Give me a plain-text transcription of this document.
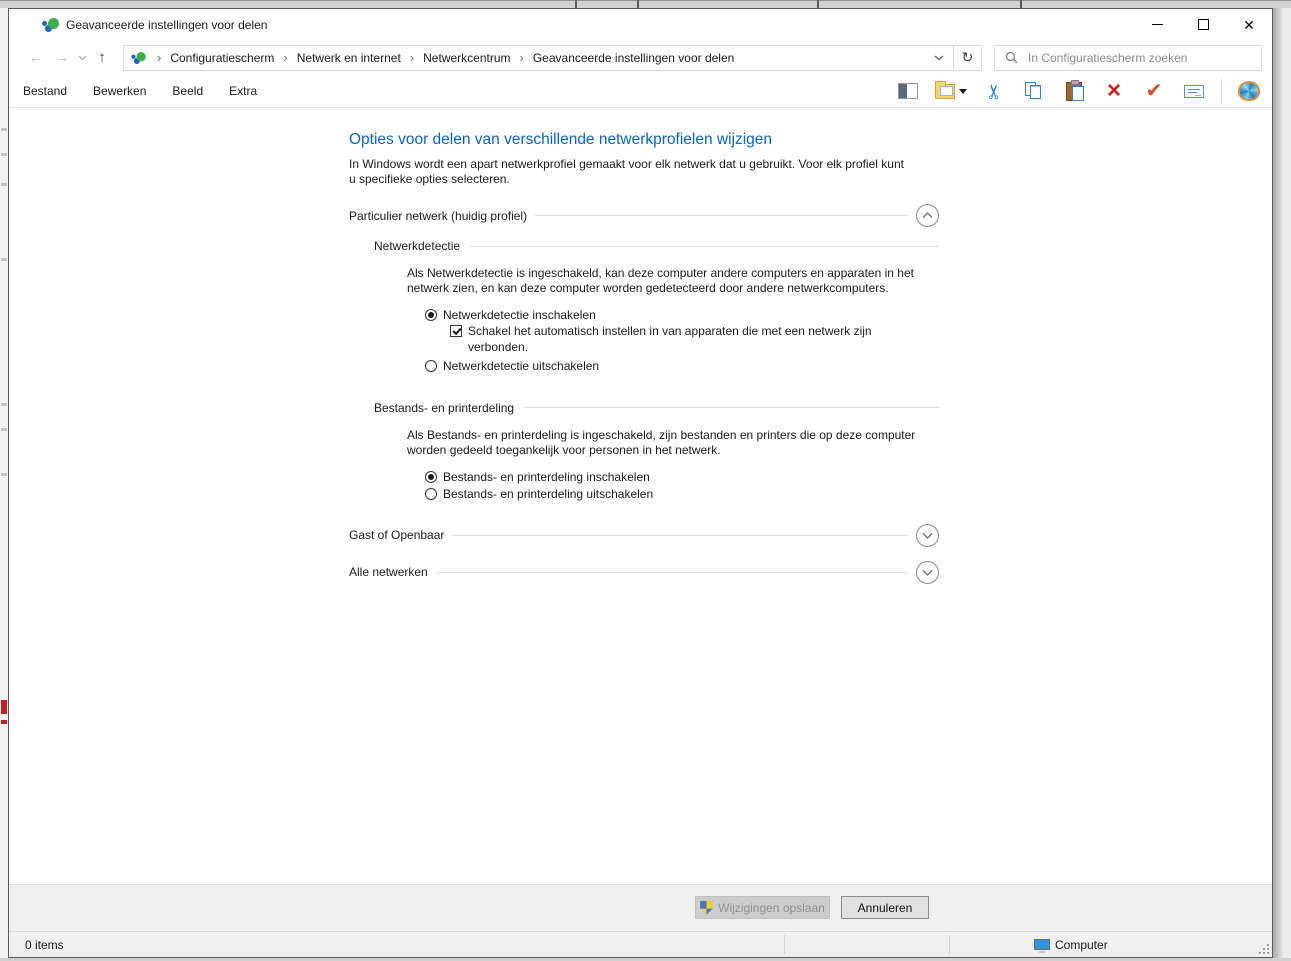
Geavanceerde instellingen voor delen	✕
← →	↑	› Configuratiescherm › Netwerk en internet › Netwerkcentrum › Geavanceerde instellingen voor delen	↻
In Configuratiescherm zoeken
Bestand Bewerken Beeld Extra	✂	× ✔
Opties voor delen van verschillende netwerkprofielen wijzigen

In Windows wordt een apart netwerkprofiel gemaakt voor elk netwerk dat u gebruikt. Voor elk profiel kunt u specifieke opties selecteren.

Particulier netwerk (huidig profiel)
Netwerkdetectie

Als Netwerkdetectie is ingeschakeld, kan deze computer andere computers en apparaten in het netwerk zien, en kan deze computer worden gedetecteerd door andere netwerkcomputers.

Netwerkdetectie inschakelen
Schakel het automatisch instellen in van apparaten die met een netwerk zijn verbonden.
Netwerkdetectie uitschakelen
Bestands- en printerdeling

Als Bestands- en printerdeling is ingeschakeld, zijn bestanden en printers die op deze computer worden gedeeld toegankelijk voor personen in het netwerk.

Bestands- en printerdeling inschakelen
Bestands- en printerdeling uitschakelen
Gast of Openbaar
Alle netwerken
Wijzigingen opslaan	Annuleren
0 items	Computer
